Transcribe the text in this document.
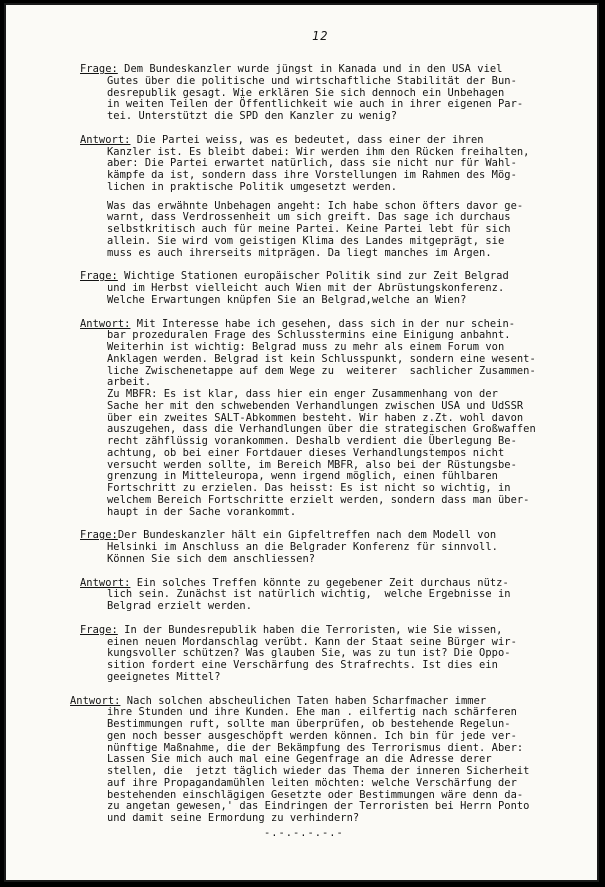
12
Frage: Dem Bundeskanzler wurde jüngst in Kanada und in den USA viel
Gutes über die politische und wirtschaftliche Stabilität der Bun-
desrepublik gesagt. Wie erklären Sie sich dennoch ein Unbehagen
in weiten Teilen der Öffentlichkeit wie auch in ihrer eigenen Par-
tei. Unterstützt die SPD den Kanzler zu wenig?
Antwort: Die Partei weiss, was es bedeutet, dass einer der ihren
Kanzler ist. Es bleibt dabei: Wir werden ihm den Rücken freihalten,
aber: Die Partei erwartet natürlich, dass sie nicht nur für Wahl-
kämpfe da ist, sondern dass ihre Vorstellungen im Rahmen des Mög-
lichen in praktische Politik umgesetzt werden.
Was das erwähnte Unbehagen angeht: Ich habe schon öfters davor ge-
warnt, dass Verdrossenheit um sich greift. Das sage ich durchaus
selbstkritisch auch für meine Partei. Keine Partei lebt für sich
allein. Sie wird vom geistigen Klima des Landes mitgeprägt, sie
muss es auch ihrerseits mitprägen. Da liegt manches im Argen.
Frage: Wichtige Stationen europäischer Politik sind zur Zeit Belgrad
und im Herbst vielleicht auch Wien mit der Abrüstungskonferenz.
Welche Erwartungen knüpfen Sie an Belgrad,welche an Wien?
Antwort: Mit Interesse habe ich gesehen, dass sich in der nur schein-
bar prozeduralen Frage des Schlusstermins eine Einigung anbahnt.
Weiterhin ist wichtig: Belgrad muss zu mehr als einem Forum von
Anklagen werden. Belgrad ist kein Schlusspunkt, sondern eine wesent-
liche Zwischenetappe auf dem Wege zu  weiterer  sachlicher Zusammen-
arbeit.
Zu MBFR: Es ist klar, dass hier ein enger Zusammenhang von der
Sache her mit den schwebenden Verhandlungen zwischen USA und UdSSR
über ein zweites SALT-Abkommen besteht. Wir haben z.Zt. wohl davon
auszugehen, dass die Verhandlungen über die strategischen Großwaffen
recht zähflüssig vorankommen. Deshalb verdient die Überlegung Be-
achtung, ob bei einer Fortdauer dieses Verhandlungstempos nicht
versucht werden sollte, im Bereich MBFR, also bei der Rüstungsbe-
grenzung in Mitteleuropa, wenn irgend möglich, einen fühlbaren
Fortschritt zu erzielen. Das heisst: Es ist nicht so wichtig, in
welchem Bereich Fortschritte erzielt werden, sondern dass man über-
haupt in der Sache vorankommt.
Frage:Der Bundeskanzler hält ein Gipfeltreffen nach dem Modell von
Helsinki im Anschluss an die Belgrader Konferenz für sinnvoll.
Können Sie sich dem anschliessen?
Antwort: Ein solches Treffen könnte zu gegebener Zeit durchaus nütz-
lich sein. Zunächst ist natürlich wichtig,  welche Ergebnisse in
Belgrad erzielt werden.
Frage: In der Bundesrepublik haben die Terroristen, wie Sie wissen,
einen neuen Mordanschlag verübt. Kann der Staat seine Bürger wir-
kungsvoller schützen? Was glauben Sie, was zu tun ist? Die Oppo-
sition fordert eine Verschärfung des Strafrechts. Ist dies ein
geeignetes Mittel?
Antwort: Nach solchen abscheulichen Taten haben Scharfmacher immer
ihre Stunden und ihre Kunden. Ehe man . eilfertig nach schärferen
Bestimmungen ruft, sollte man überprüfen, ob bestehende Regelun-
gen noch besser ausgeschöpft werden können. Ich bin für jede ver-
nünftige Maßnahme, die der Bekämpfung des Terrorismus dient. Aber:
Lassen Sie mich auch mal eine Gegenfrage an die Adresse derer
stellen, die  jetzt täglich wieder das Thema der inneren Sicherheit
auf ihre Propagandamühlen leiten möchten: welche Verschärfung der
bestehenden einschlägigen Gesetzte oder Bestimmungen wäre denn da-
zu angetan gewesen,' das Eindringen der Terroristen bei Herrn Ponto
und damit seine Ermordung zu verhindern?
-.-.-.-.-.-
